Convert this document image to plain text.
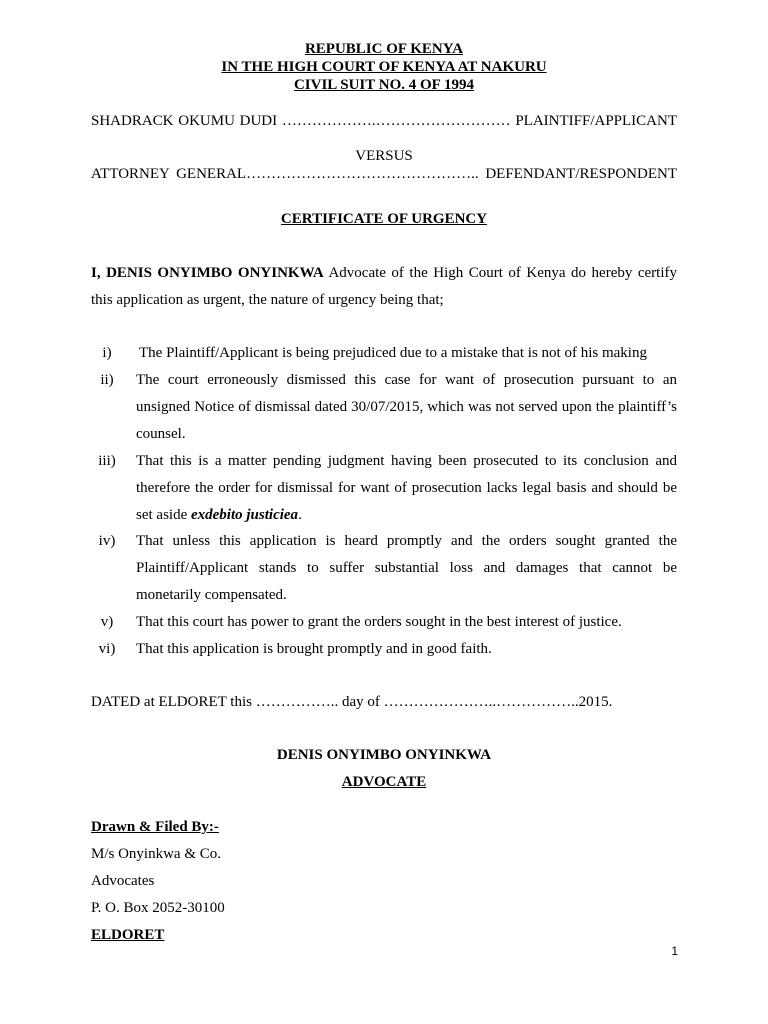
REPUBLIC OF KENYA
IN THE HIGH COURT OF KENYA AT NAKURU
CIVIL SUIT NO. 4 OF 1994
SHADRACK OKUMU DUDI ……………….……………………… PLAINTIFF/APPLICANT
VERSUS
ATTORNEY GENERAL……………………………………….. DEFENDANT/RESPONDENT
CERTIFICATE OF URGENCY
I, DENIS ONYIMBO ONYINKWA Advocate of the High Court of Kenya do hereby certify
this application as urgent, the nature of urgency being that;
i)	The Plaintiff/Applicant is being prejudiced due to a mistake that is not of his making
ii)	The court erroneously dismissed this case for want of prosecution pursuant to an
unsigned Notice of dismissal dated 30/07/2015, which was not served upon the plaintiff’s
counsel.
iii)	That this is a matter pending judgment having been prosecuted to its conclusion and
therefore the order for dismissal for want of prosecution lacks legal basis and should be
set aside exdebito justiciea.
iv)	That unless this application is heard promptly and the orders sought granted the
Plaintiff/Applicant stands to suffer substantial loss and damages that cannot be
monetarily compensated.
v)	That this court has power to grant the orders sought in the best interest of justice.
vi)	That this application is brought promptly and in good faith.
DATED at ELDORET this …………….. day of …………………..……………..2015.
DENIS ONYIMBO ONYINKWA
ADVOCATE
Drawn & Filed By:-
M/s Onyinkwa & Co.
Advocates
P. O. Box 2052-30100
ELDORET
1
